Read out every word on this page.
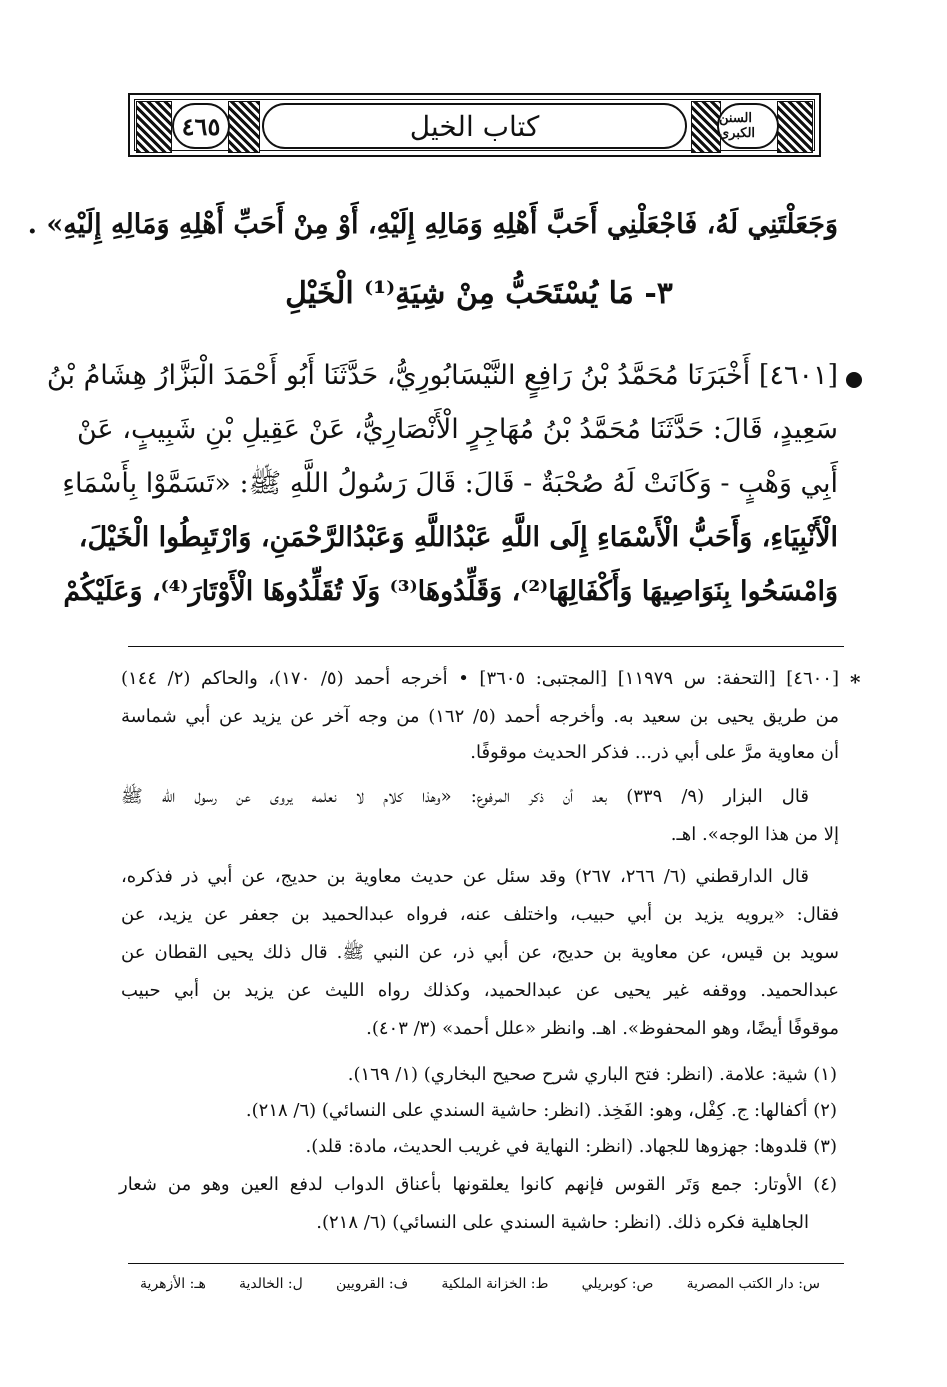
٤٦٥	كتاب الخيل	السنن الكبرى
وَجَعَلْتَنِي لَهُ، فَاجْعَلْنِي أَحَبَّ أَهْلِهِ وَمَالِهِ إِلَيْهِ، أَوْ مِنْ أَحَبِّ أَهْلِهِ وَمَالِهِ إِلَيْهِ» .
٣- مَا يُسْتَحَبُّ مِنْ شِيَةِ⁽¹⁾ الْخَيْلِ
[٤٦٠١] أَخْبَرَنَا مُحَمَّدُ بْنُ رَافِعٍ النَّيْسَابُورِيُّ، حَدَّثَنَا أَبُو أَحْمَدَ الْبَزَّارُ هِشَامُ بْنُ
سَعِيدٍ، قَالَ: حَدَّثَنَا مُحَمَّدُ بْنُ مُهَاجِرٍ الْأَنْصَارِيُّ، عَنْ عَقِيلِ بْنِ شَبِيبٍ، عَنْ
أَبِي وَهْبٍ - وَكَانَتْ لَهُ صُحْبَةٌ - قَالَ: قَالَ رَسُولُ اللَّهِ ﷺ: «تَسَمَّوْا بِأَسْمَاءِ
الْأَنْبِيَاءِ، وَأَحَبُّ الْأَسْمَاءِ إِلَى اللَّهِ عَبْدُاللَّهِ وَعَبْدُالرَّحْمَنِ، وَارْتَبِطُوا الْخَيْلَ،
وَامْسَحُوا بِنَوَاصِيهَا وَأَكْفَالِهَا⁽²⁾، وَقَلِّدُوهَا⁽³⁾ وَلَا تُقَلِّدُوهَا الْأَوْتَارَ⁽⁴⁾، وَعَلَيْكُمْ
*
[٤٦٠٠] [التحفة: س ١١٩٧٩] [المجتبى: ٣٦٠٥] • أخرجه أحمد (٥/ ١٧٠)، والحاكم (٢/ ١٤٤)
من طريق يحيى بن سعيد به. وأخرجه أحمد (٥/ ١٦٢) من وجه آخر عن يزيد عن أبي شماسة
أن معاوية مرَّ على أبي ذر... فذكر الحديث موقوفًا.
قال البزار (٩/ ٣٣٩) بعد أن ذكر المرفوع: «وهذا كلام لا نعلمه يروى عن رسول الله ﷺ
إلا من هذا الوجه». اهـ.
قال الدارقطني (٦/ ٢٦٦، ٢٦٧) وقد سئل عن حديث معاوية بن حديج، عن أبي ذر فذكره،
فقال: «يرويه يزيد بن أبي حبيب، واختلف عنه، فرواه عبدالحميد بن جعفر عن يزيد، عن
سويد بن قيس، عن معاوية بن حديج، عن أبي ذر، عن النبي ﷺ. قال ذلك يحيى القطان عن
عبدالحميد. ووقفه غير يحيى عن عبدالحميد، وكذلك رواه الليث عن يزيد بن أبي حبيب
موقوفًا أيضًا، وهو المحفوظ». اهـ. وانظر «علل أحمد» (٣/ ٤٠٣).
(١) شية: علامة. (انظر: فتح الباري شرح صحيح البخاري) (١/ ١٦٩).
(٢) أكفالها: ج. كِفْل، وهو: الفَخِذ. (انظر: حاشية السندي على النسائي) (٦/ ٢١٨).
(٣) قلدوها: جهزوها للجهاد. (انظر: النهاية في غريب الحديث، مادة: قلد).
(٤) الأوتار: جمع وَتَر القوس فإنهم كانوا يعلقونها بأعناق الدواب لدفع العين وهو من شعار
الجاهلية فكره ذلك. (انظر: حاشية السندي على النسائي) (٦/ ٢١٨).
س: دار الكتب المصرية
ص: كوبريلي
ط: الخزانة الملكية
ف: القرويين
ل: الخالدية
هـ: الأزهرية
